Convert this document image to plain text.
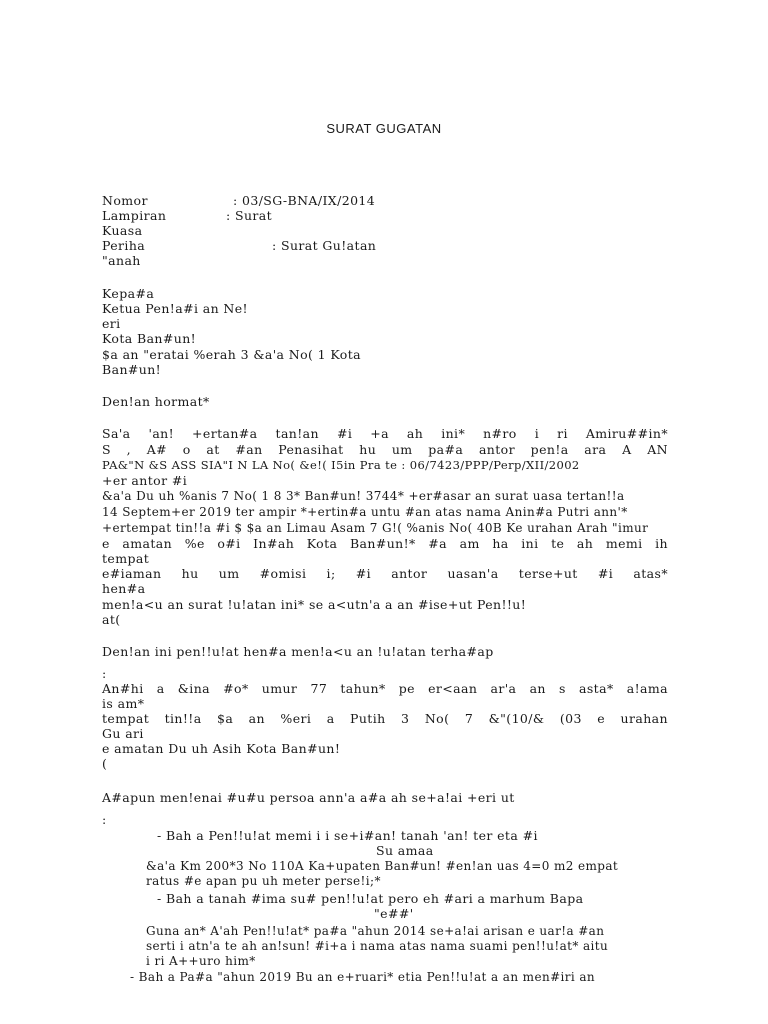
SURAT GUGATAN
Nomor	: 03/SG-BNA/IX/2014
Lampiran	: Surat
Kuasa
Periha	: Surat Gu!atan
"anah
Kepa#a
Ketua Pen!a#i an Ne!
eri
Kota Ban#un!
$a an "eratai %erah 3 &a'a No( 1 Kota
Ban#un!
Den!an hormat*
Sa'a 'an! +ertan#a tan!an #i +a ah ini* n#ro i ri Amiru##in*
S , A# o at #an Penasihat hu um pa#a antor pen!a ara A AN
PA&"N &S ASS SIA"I N LA No( &e!( I5in Pra te : 06/7423/PPP/Perp/XII/2002
+er antor #i
&a'a Du uh %anis 7 No( 1 8 3* Ban#un! 3744* +er#asar an surat uasa tertan!!a
14 Septem+er 2019 ter ampir *+ertin#a untu #an atas nama Anin#a Putri ann'*
+ertempat tin!!a #i $ $a an Limau Asam 7 G!( %anis No( 40B Ke urahan Arah "imur
e amatan %e o#i In#ah Kota Ban#un!* #a am ha ini te ah memi ih
tempat
e#iaman hu um #omisi i; #i antor uasan'a terse+ut #i atas*
hen#a
men!a<u an surat !u!atan ini* se a<utn'a a an #ise+ut Pen!!u!
at(
Den!an ini pen!!u!at hen#a men!a<u an !u!atan terha#ap
:
An#hi a &ina #o* umur 77 tahun* pe er<aan ar'a an s asta* a!ama
is am*
tempat tin!!a $a an %eri a Putih 3 No( 7 &"(10/& (03 e urahan
Gu ari
e amatan Du uh Asih Kota Ban#un!
(
A#apun men!enai #u#u persoa ann'a a#a ah se+a!ai +eri ut
:
- Bah a Pen!!u!at memi i i se+i#an! tanah 'an! ter eta #i
Su amaa
&a'a Km 200*3 No 110A Ka+upaten Ban#un! #en!an uas 4=0 m2 empat
ratus #e apan pu uh meter perse!i;*
- Bah a tanah #ima su# pen!!u!at pero eh #ari a marhum Bapa
"e##'
Guna an* A'ah Pen!!u!at* pa#a "ahun 2014 se+a!ai arisan e uar!a #an
serti i atn'a te ah an!sun! #i+a i nama atas nama suami pen!!u!at* aitu
i ri A++uro him*
- Bah a Pa#a "ahun 2019 Bu an e+ruari* etia Pen!!u!at a an men#iri an
